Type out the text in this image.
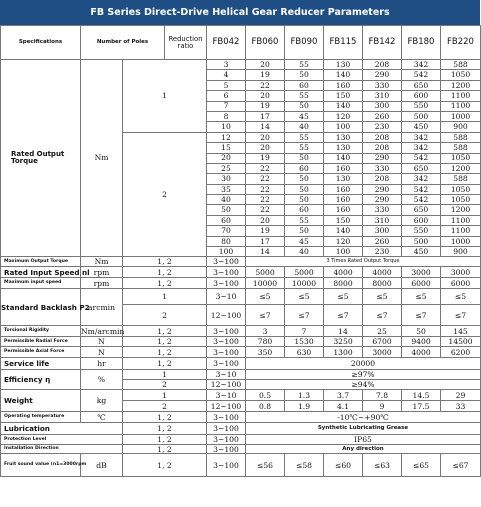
FB Series Direct-Drive Helical Gear Reducer Parameters
Specifications	Number of Poles		Reduction ratio	FB042	FB060	FB090	FB115	FB142	FB180	FB220	
Rated Output Torque	Nm	1		3	20	55	130	208	342	588	
				4	19	50	140	290	542	1050	
				5	22	60	160	330	650	1200	
				6	20	55	150	310	600	1100	
				7	19	50	140	300	550	1100	
				8	17	45	120	260	500	1000	
				10	14	40	100	230	450	900	
		2		12	20	55	130	208	342	588	
				15	20	55	130	208	342	588	
				20	19	50	140	290	542	1050	
				25	22	60	160	330	650	1200	
				30	22	50	130	208	342	588	
				35	22	50	160	290	542	1050	
				40	22	50	160	290	542	1050	
				50	22	60	160	330	650	1200	
				60	20	55	150	310	600	1100	
				70	19	50	140	300	550	1100	
				80	17	45	120	260	500	1000	
				100	14	40	100	230	450	900	
Maximum Output Torque	Nm	1, 2		3~100	3 Times Rated Output Torque						
Rated Input Speed nl	rpm	1, 2		3~100	5000	5000	4000	4000	3000	3000	
Maximum input speed	rpm	1, 2		3~100	10000	10000	8000	8000	6000	6000	
Standard Backlash P2	arcmin	1		3~10	≤5	≤5	≤5	≤5	≤5	≤5	
		2		12~100	≤7	≤7	≤7	≤7	≤7	≤7	
Torsional Rigidity	Nm/arcmin	1, 2		3~100	3	7	14	25	50	145	
Permissible Radial Force	N	1, 2		3~100	780	1530	3250	6700	9400	14500	
Permissible Axial Force	N	1, 2		3~100	350	630	1300	3000	4000	6200	
Service life	hr	1, 2		3~100	20000						
Efficiency η	%	1		3~10	≥97%						
		2		12~100	≥94%						
Weight	kg	1		3~10	0.5	1.3	3.7	7.8	14.5	29	
		2		12~100	0.8	1.9	4.1	9	17.5	33	
Operating temperature	℃	1, 2		3~100	-10℃~+90℃						
Lubrication		1, 2		3~100	Synthetic Lubricating Grease						
Protection Level		1, 2		3~100	IP65						
Installation Direction		1, 2		3~100	Any direction						
Fruit sound value (n1=3000rpm	dB	1, 2		3~100	≤56	≤58	≤60	≤63	≤65	≤67	
